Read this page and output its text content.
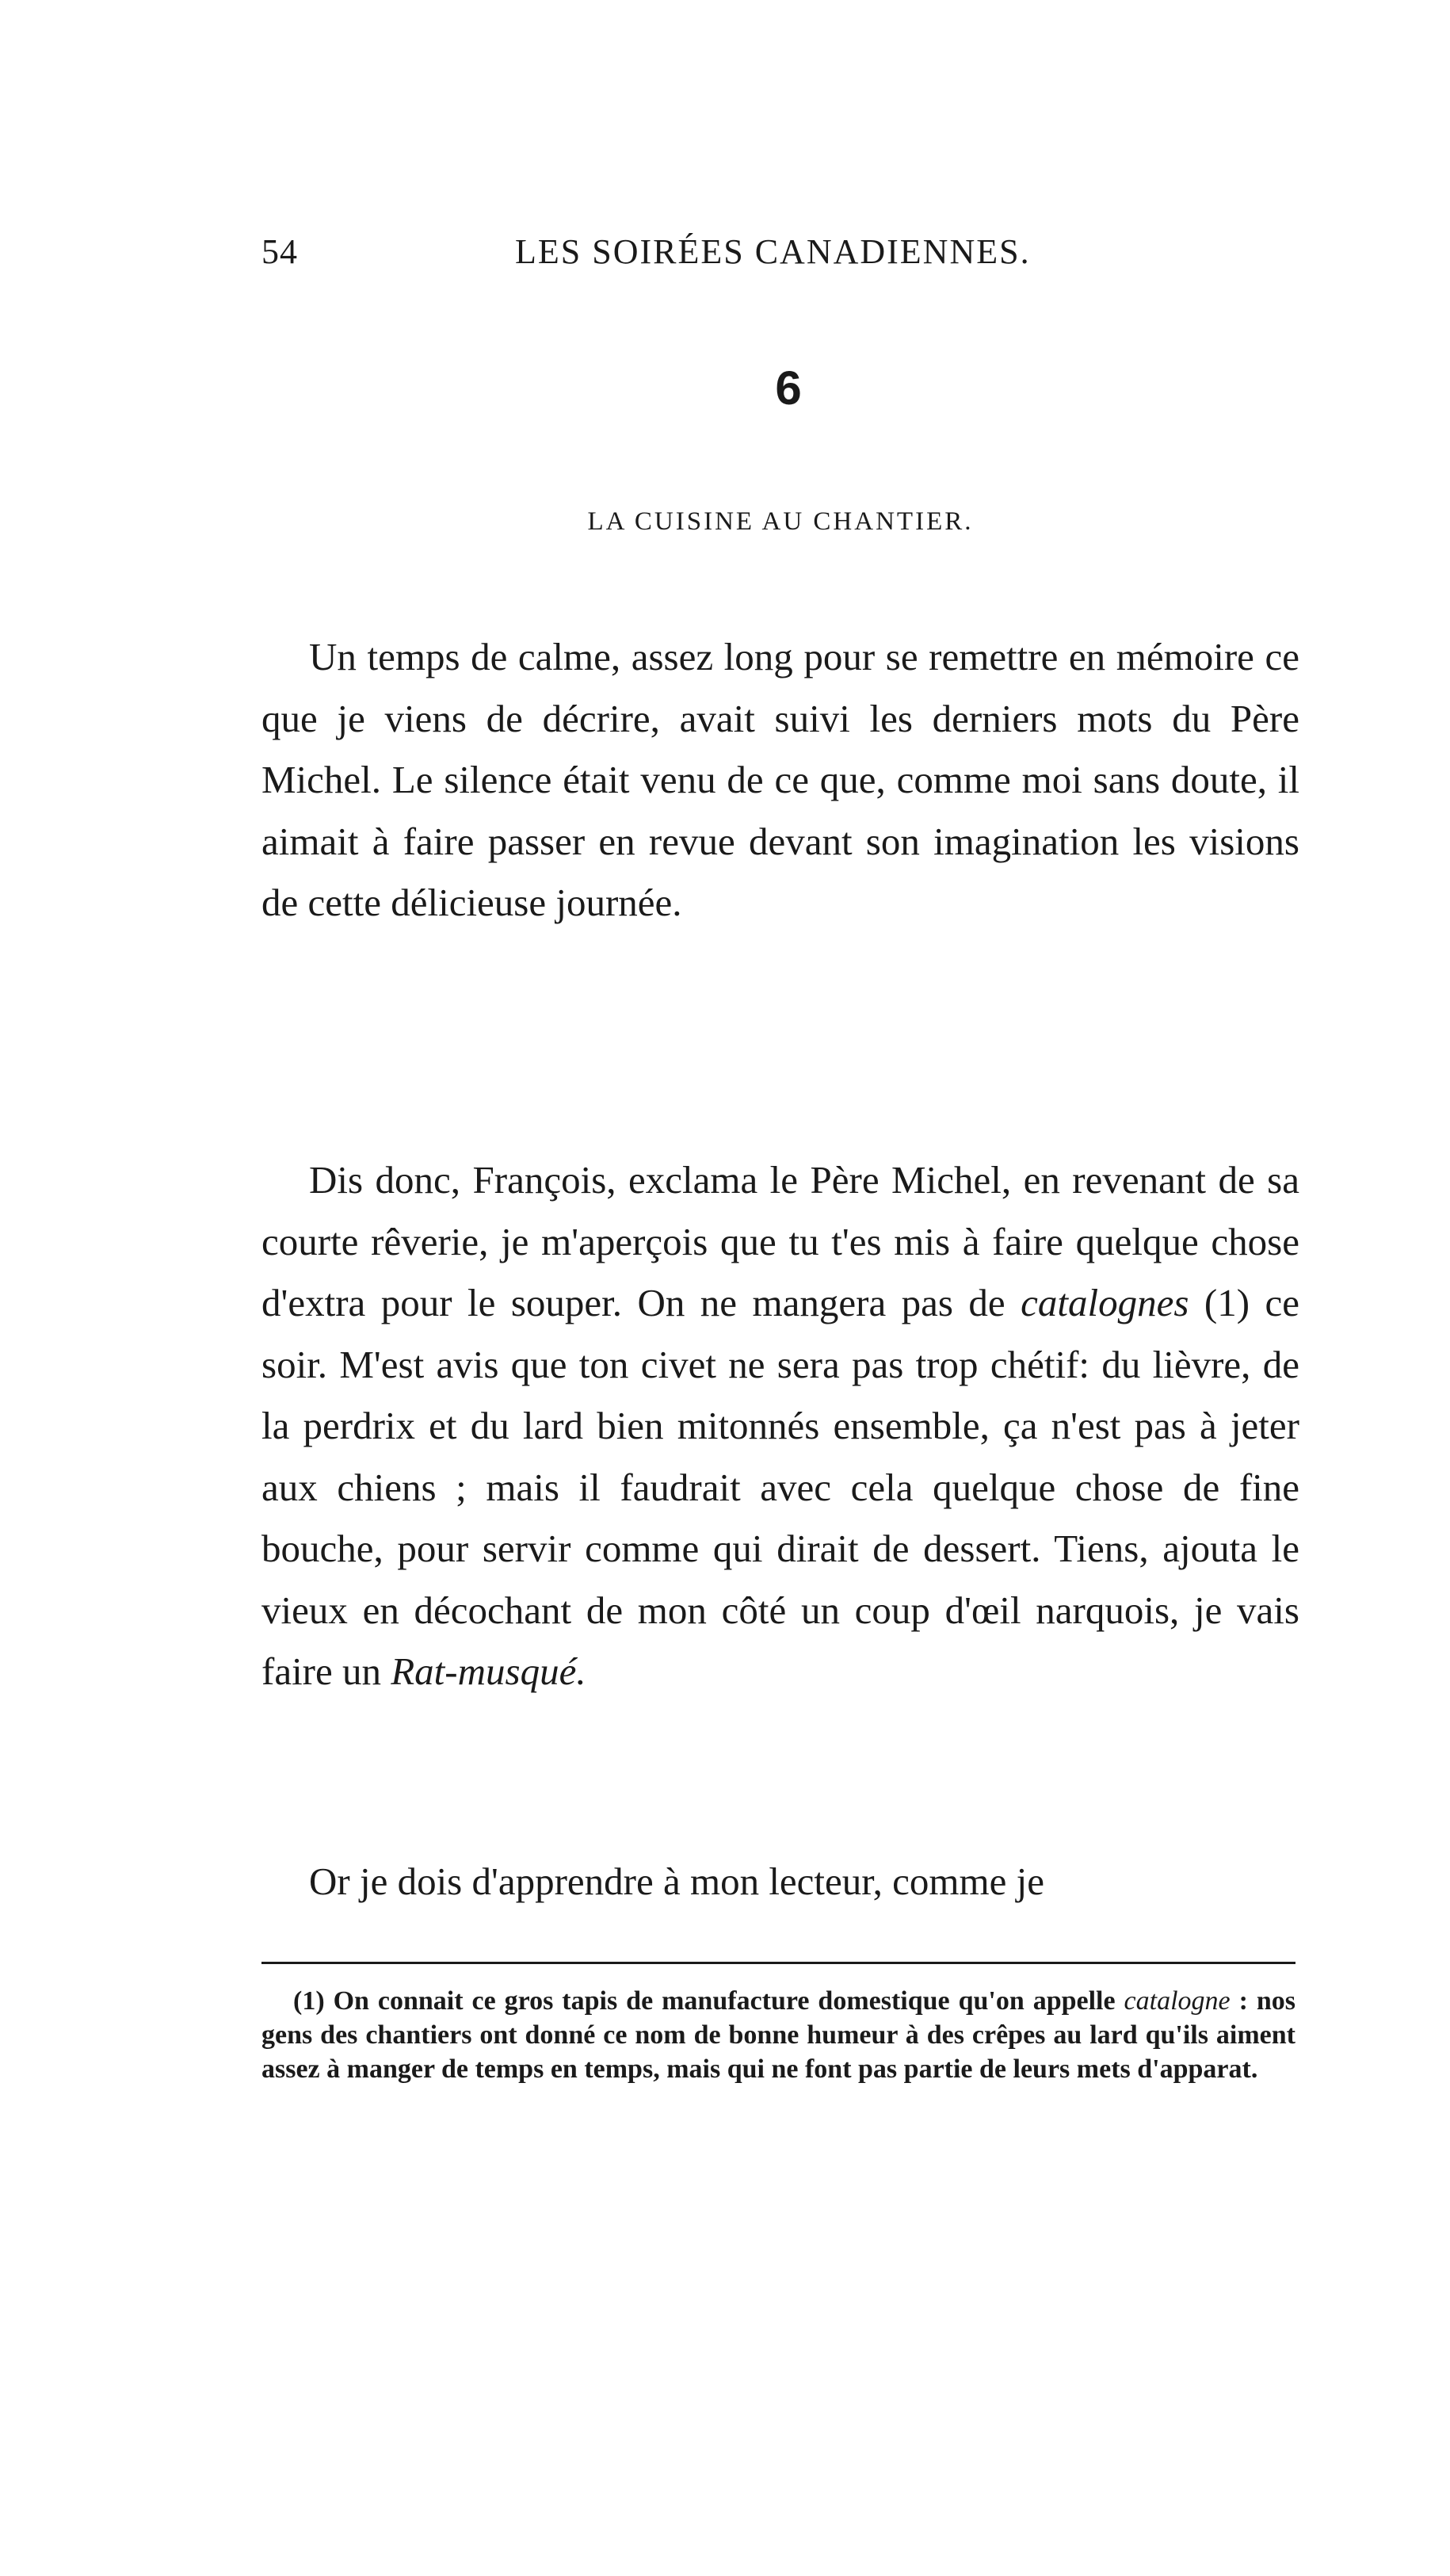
54	LES SOIRÉES CANADIENNES.
6
LA CUISINE AU CHANTIER.

Un temps de calme, assez long pour se remettre en mémoire ce que je viens de décrire, avait suivi les derniers mots du Père Michel. Le silence était venu de ce que, comme moi sans doute, il aimait à faire passer en revue devant son imagination les visions de cette délicieuse journée.

Dis donc, François, exclama le Père Michel, en revenant de sa courte rêverie, je m'aperçois que tu t'es mis à faire quelque chose d'extra pour le souper. On ne mangera pas de catalognes (1) ce soir. M'est avis que ton civet ne sera pas trop chétif: du lièvre, de la perdrix et du lard bien mitonnés ensemble, ça n'est pas à jeter aux chiens ; mais il faudrait avec cela quelque chose de fine bouche, pour servir comme qui dirait de dessert. Tiens, ajouta le vieux en décochant de mon côté un coup d'œil narquois, je vais faire un Rat-musqué.

Or je dois d'apprendre à mon lecteur, comme je

(1) On connait ce gros tapis de manufacture domestique qu'on appelle catalogne : nos gens des chantiers ont donné ce nom de bonne humeur à des crêpes au lard qu'ils aiment assez à manger de temps en temps, mais qui ne font pas partie de leurs mets d'apparat.
